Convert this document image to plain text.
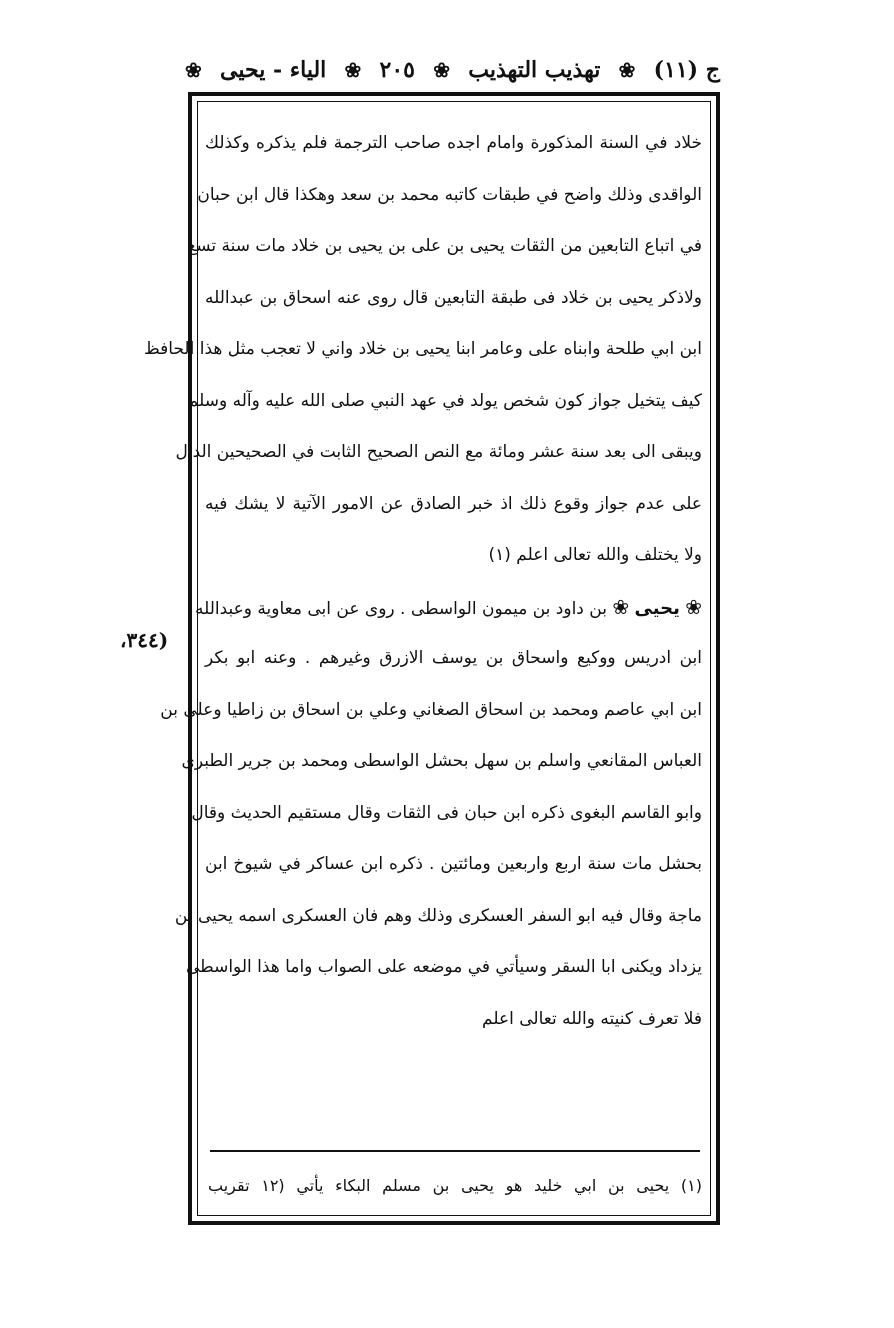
ج (١١)
❀
تهذيب التهذيب
❀
٢٠٥
❀
الياء - يحيى
❀
(٣٤٤،
خلاد في السنة المذكورة وامام اجده صاحب الترجمة فلم يذكره وكذلك
الواقدى وذلك واضح في طبقات كاتبه محمد بن سعد وهكذا قال ابن حبان
في اتباع التابعين من الثقات يحيى بن على بن يحيى بن خلاد مات سنة تسع
ولاذكر يحيى بن خلاد فى طبقة التابعين قال روى عنه اسحاق بن عبدالله
ابن ابي طلحة وابناه على وعامر ابنا يحيى بن خلاد واني لا تعجب مثل هذا الحافظ
كيف يتخيل جواز كون شخص يولد في عهد النبي صلى الله عليه وآله وسلم
ويبقى الى بعد سنة عشر ومائة مع النص الصحيح الثابت في الصحيحين الدال
على عدم جواز وقوع ذلك اذ خبر الصادق عن الامور الآتية لا يشك فيه
ولا يختلف والله تعالى اعلم (١)
❀ يحيى ❀ بن داود بن ميمون الواسطى . روى عن ابى معاوية وعبدالله
ابن ادريس ووكيع واسحاق بن يوسف الازرق وغيرهم . وعنه ابو بكر
ابن ابي عاصم ومحمد بن اسحاق الصغاني وعلي بن اسحاق بن زاطيا وعلى بن
العباس المقانعي واسلم بن سهل بحشل الواسطى ومحمد بن جرير الطبرى
وابو القاسم البغوى ذكره ابن حبان فى الثقات وقال مستقيم الحديث وقال
بحشل مات سنة اربع واربعين ومائتين . ذكره ابن عساكر في شيوخ ابن
ماجة وقال فيه ابو السفر العسكرى وذلك وهم فان العسكرى اسمه يحيى بن
يزداد ويكنى ابا السقر وسيأتي في موضعه على الصواب واما هذا الواسطى
فلا تعرف كنيته والله تعالى اعلم
(١) يحيى بن ابي خليد هو يحيى بن مسلم البكاء يأتي (١٢ تقريب
